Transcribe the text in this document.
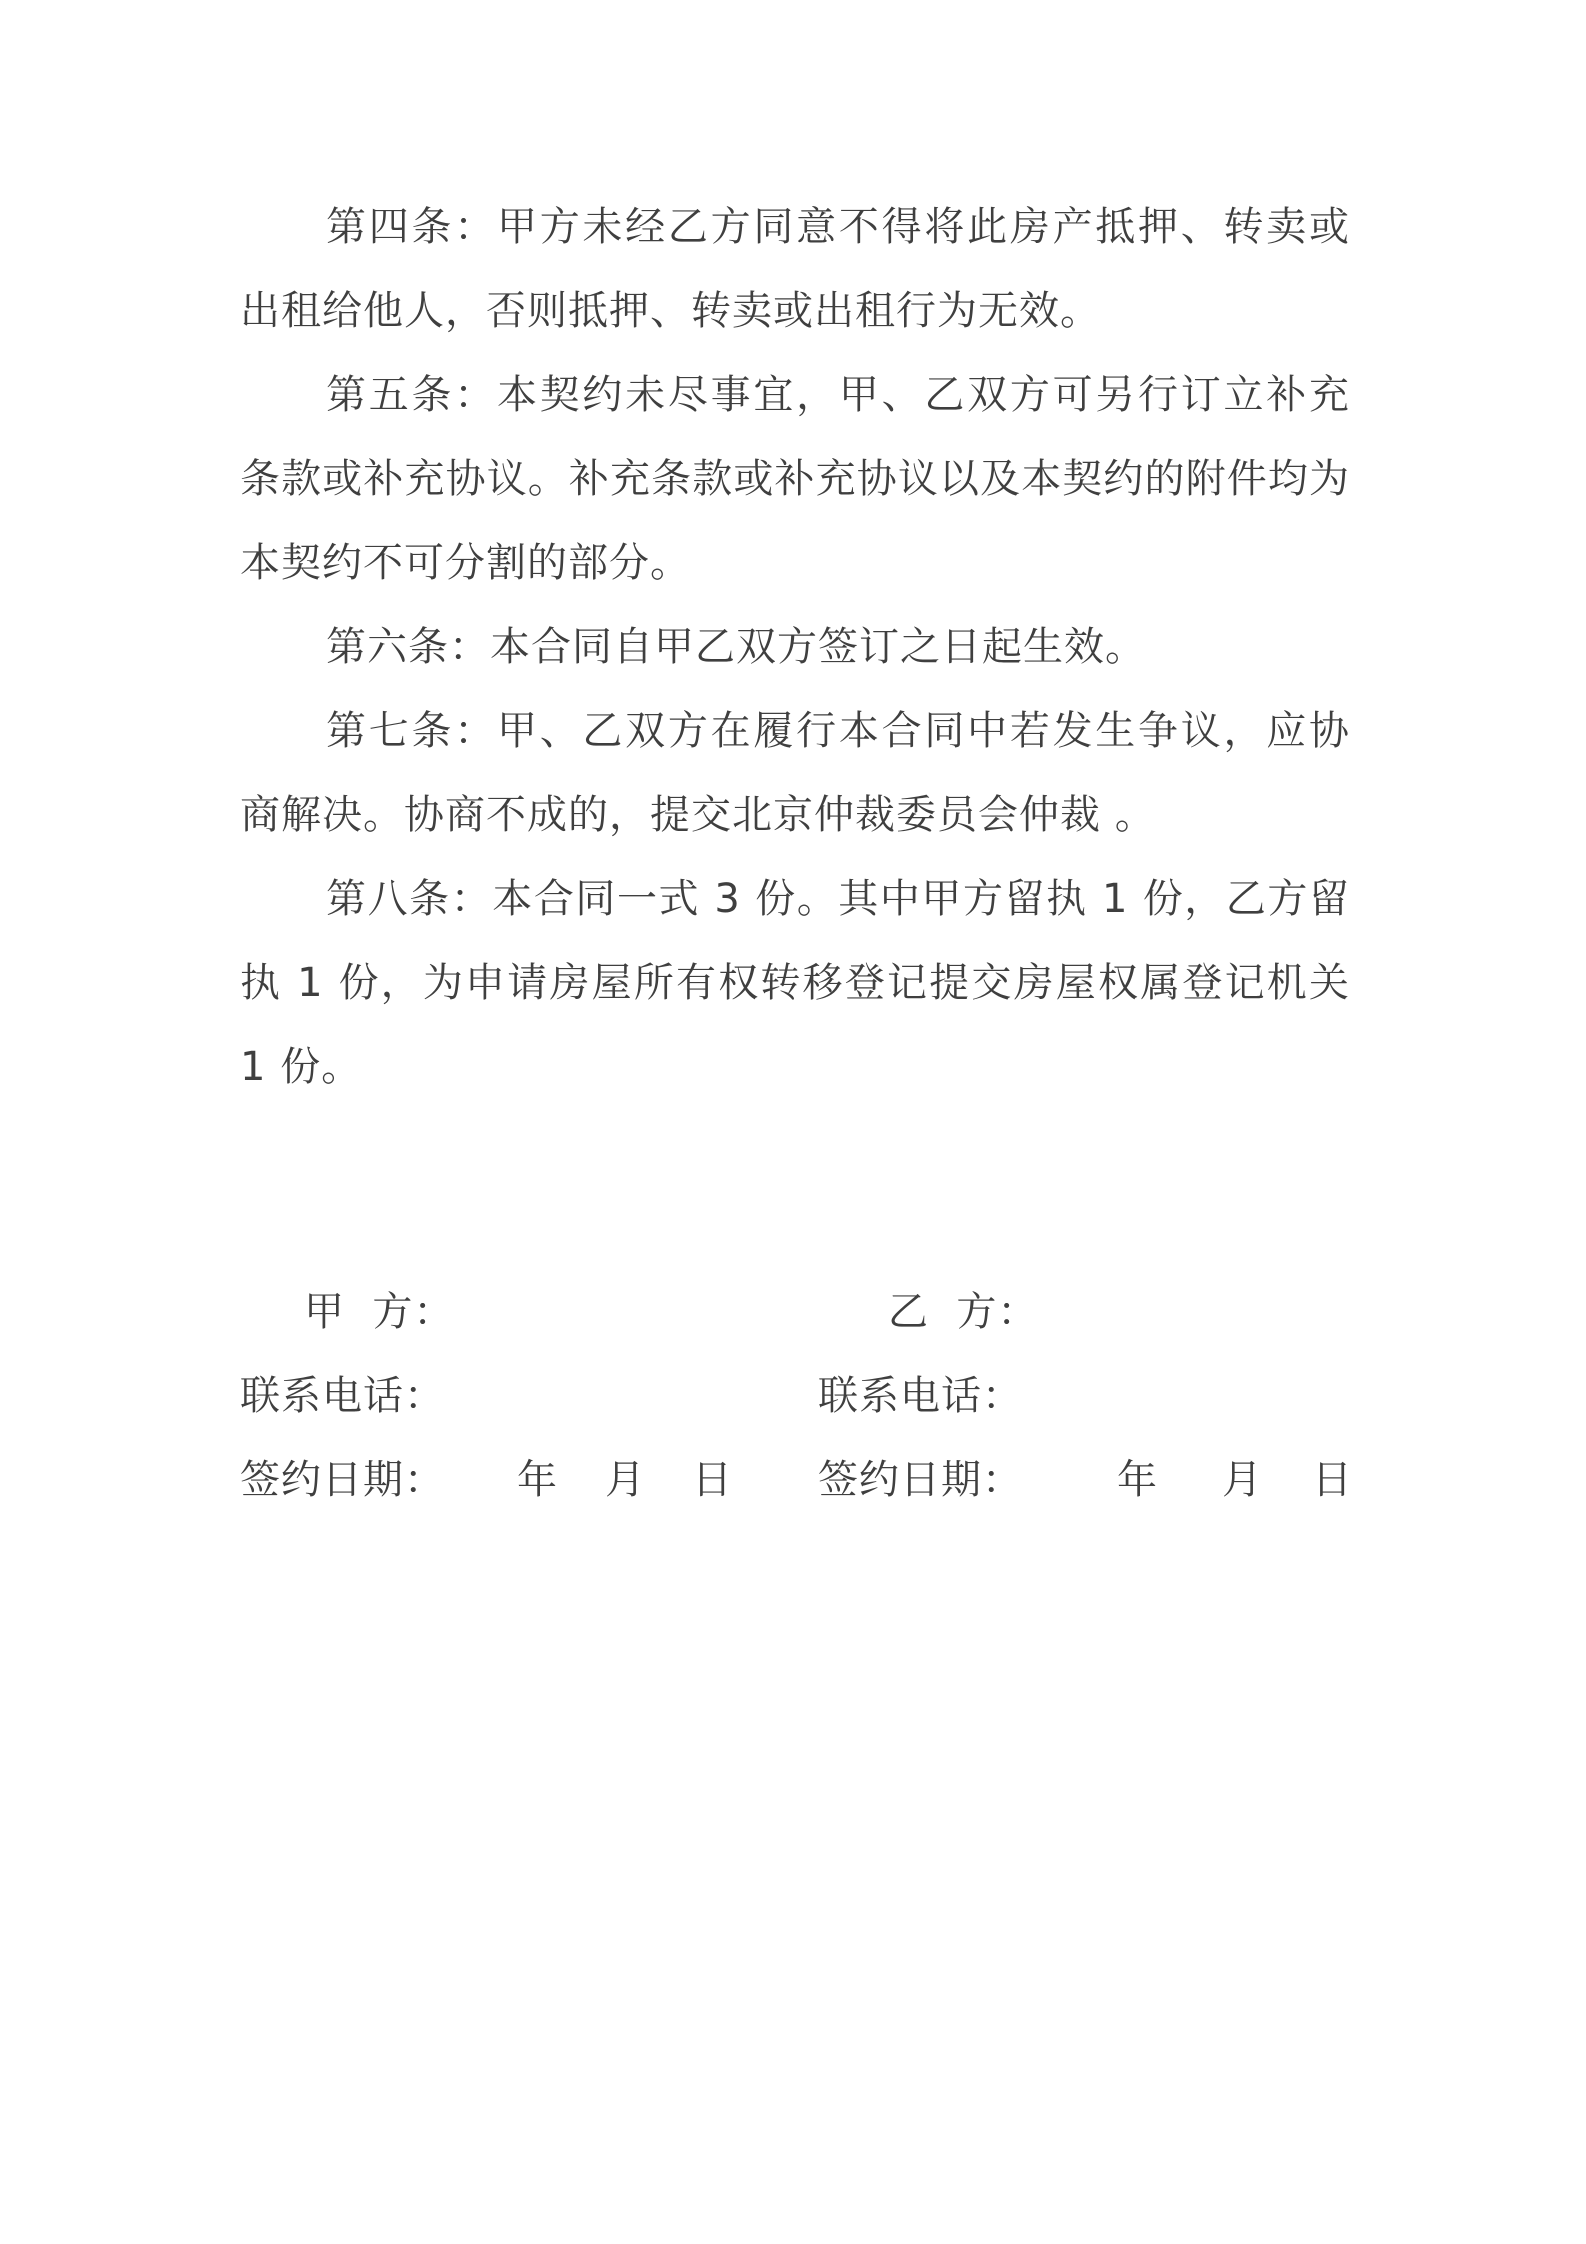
第四条：甲方未经乙方同意不得将此房产抵押、转卖或出租给他人，否则抵押、转卖或出租行为无效。

第五条：本契约未尽事宜，甲、乙双方可另行订立补充条款或补充协议。补充条款或补充协议以及本契约的附件均为本契约不可分割的部分。

第六条：本合同自甲乙双方签订之日起生效。

第七条：甲、乙双方在履行本合同中若发生争议，应协商解决。协商不成的，提交北京仲裁委员会仲裁 。

第八条：本合同一式 3 份。其中甲方留执 1 份，乙方留执 1 份，为申请房屋所有权转移登记提交房屋权属登记机关 1 份。

甲  方：	乙  方：
联系电话：	联系电话：
签约日期： 年 月 日 签约日期： 年 月 日
